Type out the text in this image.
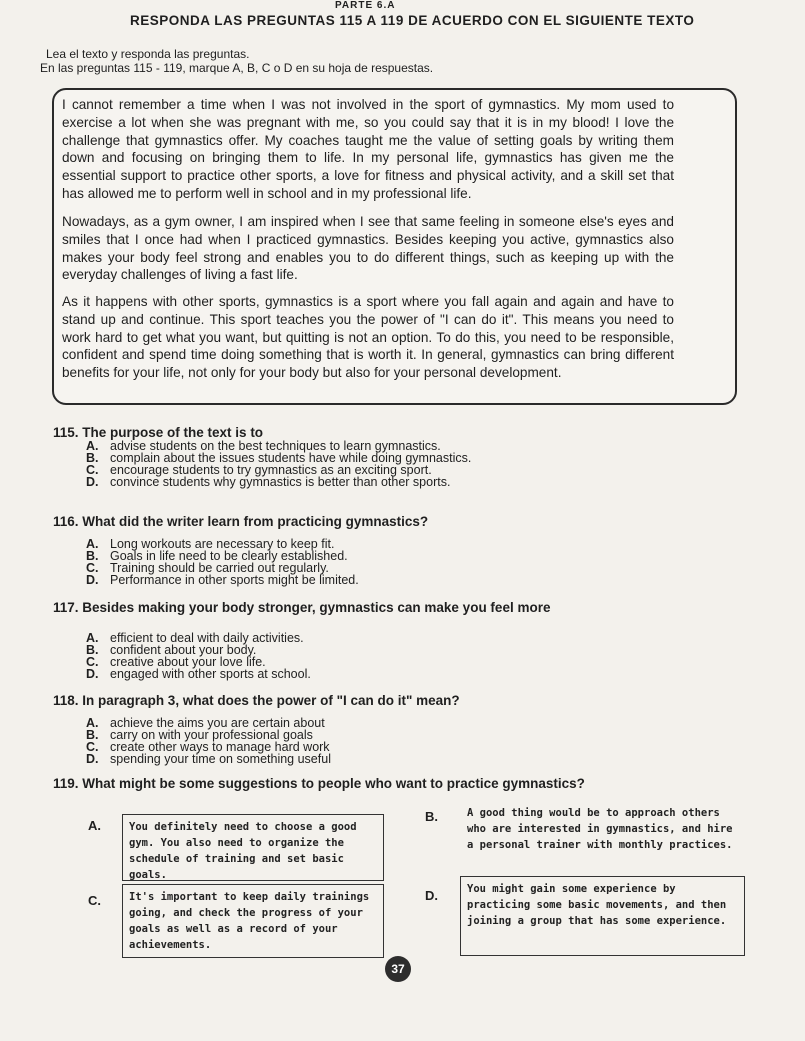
PARTE 6.A
RESPONDA LAS PREGUNTAS 115 A 119 DE ACUERDO CON EL SIGUIENTE TEXTO
Lea el texto y responda las preguntas.
En las preguntas 115 - 119, marque A, B, C o D en su hoja de respuestas.
I cannot remember a time when I was not involved in the sport of gymnastics. My mom used to exercise a lot when she was pregnant with me, so you could say that it is in my blood! I love the challenge that gymnastics offer. My coaches taught me the value of setting goals by writing them down and focusing on bringing them to life. In my personal life, gymnastics has given me the essential support to practice other sports, a love for fitness and physical activity, and a skill set that has allowed me to perform well in school and in my professional life.
Nowadays, as a gym owner, I am inspired when I see that same feeling in someone else's eyes and smiles that I once had when I practiced gymnastics. Besides keeping you active, gymnastics also makes your body feel strong and enables you to do different things, such as keeping up with the everyday challenges of living a fast life.
As it happens with other sports, gymnastics is a sport where you fall again and again and have to stand up and continue. This sport teaches you the power of "I can do it". This means you need to work hard to get what you want, but quitting is not an option. To do this, you need to be responsible, confident and spend time doing something that is worth it. In general, gymnastics can bring different benefits for your life, not only for your body but also for your personal development.
115. The purpose of the text is to
A. advise students on the best techniques to learn gymnastics.
B. complain about the issues students have while doing gymnastics.
C. encourage students to try gymnastics as an exciting sport.
D. convince students why gymnastics is better than other sports.
116. What did the writer learn from practicing gymnastics?
A. Long workouts are necessary to keep fit.
B. Goals in life need to be clearly established.
C. Training should be carried out regularly.
D. Performance in other sports might be limited.
117. Besides making your body stronger, gymnastics can make you feel more
A. efficient to deal with daily activities.
B. confident about your body.
C. creative about your love life.
D. engaged with other sports at school.
118. In paragraph 3, what does the power of "I can do it" mean?
A. achieve the aims you are certain about
B. carry on with your professional goals
C. create other ways to manage hard work
D. spending your time on something useful
119. What might be some suggestions to people who want to practice gymnastics?
A.	You definitely need to choose a good gym. You also need to organize the schedule of training and set basic goals.
B.	A good thing would be to approach others who are interested in gymnastics, and hire a personal trainer with monthly practices.
C.	It's important to keep daily trainings going, and check the progress of your goals as well as a record of your achievements.
D.	You might gain some experience by practicing some basic movements, and then joining a group that has some experience.
37
